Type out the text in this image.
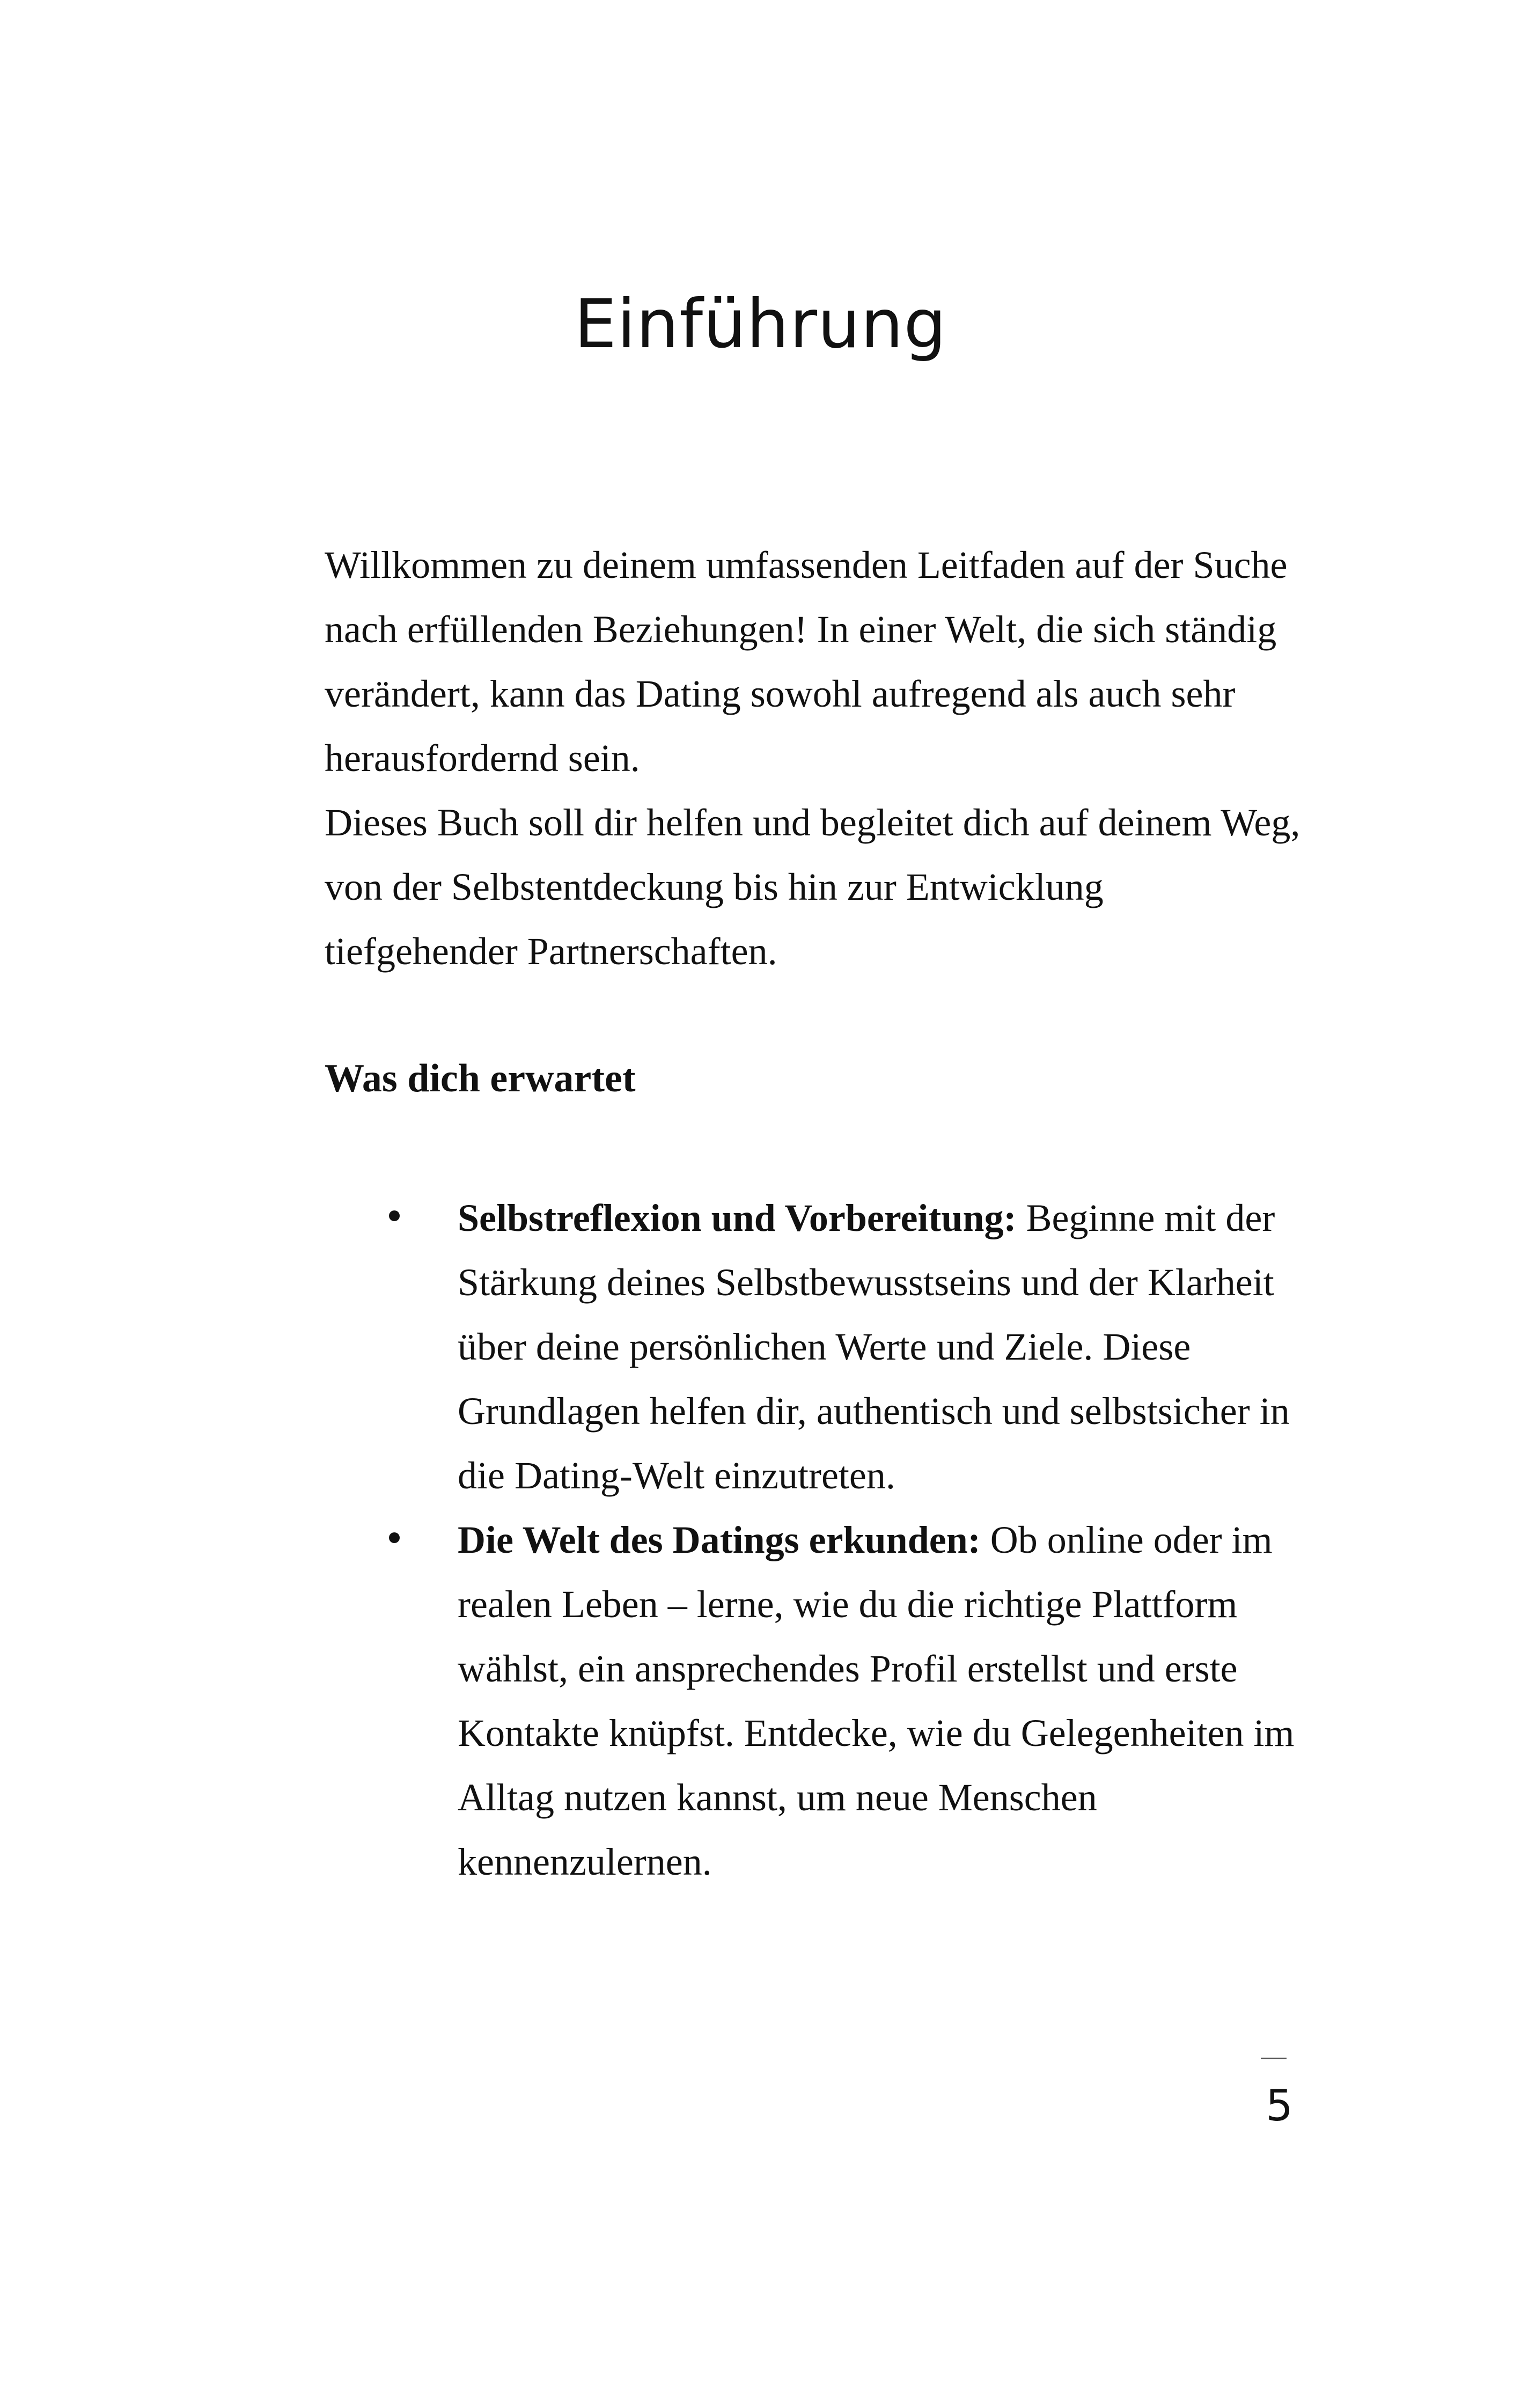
Einführung

Willkommen zu deinem umfassenden Leitfaden auf der Suche nach erfüllenden Beziehungen! In einer Welt, die sich ständig verändert, kann das Dating sowohl aufregend als auch sehr herausfordernd sein.

Dieses Buch soll dir helfen und begleitet dich auf deinem Weg, von der Selbstentdeckung bis hin zur Entwicklung tiefgehender Partnerschaften.

Was dich erwartet
Selbstreflexion und Vorbereitung: Beginne mit der Stärkung deines Selbstbewusstseins und der Klarheit über deine persönlichen Werte und Ziele. Diese Grundlagen helfen dir, authentisch und selbstsicher in die Dating-Welt einzutreten.
Die Welt des Datings erkunden: Ob online oder im realen Leben – lerne, wie du die richtige Plattform wählst, ein ansprechendes Profil erstellst und erste Kontakte knüpfst. Entdecke, wie du Gelegenheiten im Alltag nutzen kannst, um neue Menschen kennenzulernen.
5
